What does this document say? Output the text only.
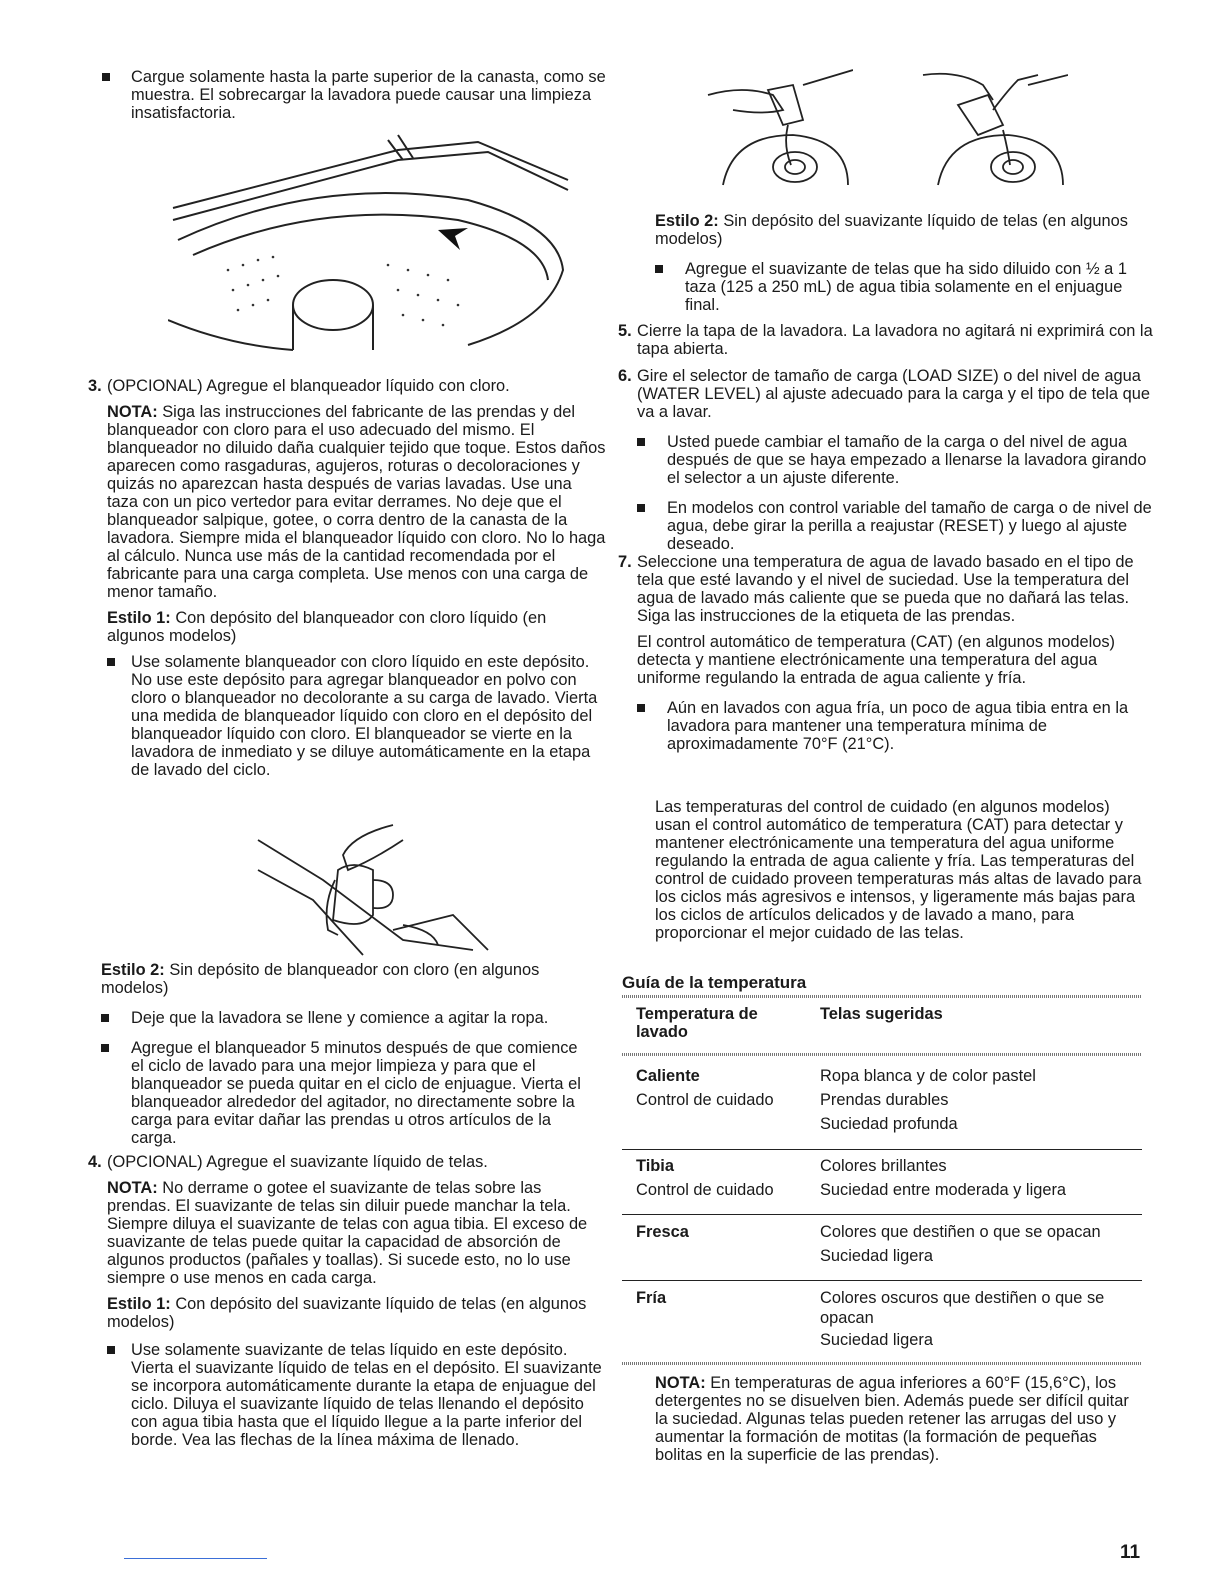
Cargue solamente hasta la parte superior de la canasta, como se muestra. El sobrecargar la lavadora puede causar una limpieza insatisfactoria.
3. (OPCIONAL) Agregue el blanqueador líquido con cloro.

NOTA: Siga las instrucciones del fabricante de las prendas y del blanqueador con cloro para el uso adecuado del mismo. El blanqueador no diluido daña cualquier tejido que toque. Estos daños aparecen como rasgaduras, agujeros, roturas o decoloraciones y quizás no aparezcan hasta después de varias lavadas. Use una taza con un pico vertedor para evitar derrames. No deje que el blanqueador salpique, gotee, o corra dentro de la canasta de la lavadora. Siempre mida el blanqueador líquido con cloro. No lo haga al cálculo. Nunca use más de la cantidad recomendada por el fabricante para una carga completa. Use menos con una carga de menor tamaño.

Estilo 1: Con depósito del blanqueador con cloro líquido (en algunos modelos)

Use solamente blanqueador con cloro líquido en este depósito. No use este depósito para agregar blanqueador en polvo con cloro o blanqueador no decolorante a su carga de lavado. Vierta una medida de blanqueador líquido con cloro en el depósito del blanqueador líquido con cloro. El blanqueador se vierte en la lavadora de inmediato y se diluye automáticamente en la etapa de lavado del ciclo.

Estilo 2: Sin depósito de blanqueador con cloro (en algunos modelos)

Deje que la lavadora se llene y comience a agitar la ropa.
Agregue el blanqueador 5 minutos después de que comience el ciclo de lavado para una mejor limpieza y para que el blanqueador se pueda quitar en el ciclo de enjuague. Vierta el blanqueador alrededor del agitador, no directamente sobre la carga para evitar dañar las prendas u otros artículos de la carga.
4. (OPCIONAL) Agregue el suavizante líquido de telas.

NOTA: No derrame o gotee el suavizante de telas sobre las prendas. El suavizante de telas sin diluir puede manchar la tela. Siempre diluya el suavizante de telas con agua tibia. El exceso de suavizante de telas puede quitar la capacidad de absorción de algunos productos (pañales y toallas). Si sucede esto, no lo use siempre o use menos en cada carga.

Estilo 1: Con depósito del suavizante líquido de telas (en algunos modelos)

Use solamente suavizante de telas líquido en este depósito. Vierta el suavizante líquido de telas en el depósito. El suavizante se incorpora automáticamente durante la etapa de enjuague del ciclo. Diluya el suavizante líquido de telas llenando el depósito con agua tibia hasta que el líquido llegue a la parte inferior del borde. Vea las flechas de la línea máxima de llenado.

Estilo 2: Sin depósito del suavizante líquido de telas (en algunos modelos)

Agregue el suavizante de telas que ha sido diluido con ½ a 1 taza (125 a 250 mL) de agua tibia solamente en el enjuague final.
5. Cierre la tapa de la lavadora. La lavadora no agitará ni exprimirá con la tapa abierta.

6. Gire el selector de tamaño de carga (LOAD SIZE) o del nivel de agua (WATER LEVEL) al ajuste adecuado para la carga y el tipo de tela que va a lavar.

Usted puede cambiar el tamaño de la carga o del nivel de agua después de que se haya empezado a llenarse la lavadora girando el selector a un ajuste diferente.
En modelos con control variable del tamaño de carga o de nivel de agua, debe girar la perilla a reajustar (RESET) y luego al ajuste deseado.
7. Seleccione una temperatura de agua de lavado basado en el tipo de tela que esté lavando y el nivel de suciedad. Use la temperatura del agua de lavado más caliente que se pueda que no dañará las telas. Siga las instrucciones de la etiqueta de las prendas.

El control automático de temperatura (CAT) (en algunos modelos) detecta y mantiene electrónicamente una temperatura del agua uniforme regulando la entrada de agua caliente y fría.

Aún en lavados con agua fría, un poco de agua tibia entra en la lavadora para mantener una temperatura mínima de aproximadamente 70°F (21°C).

Las temperaturas del control de cuidado (en algunos modelos) usan el control automático de temperatura (CAT) para detectar y mantener electrónicamente una temperatura del agua uniforme regulando la entrada de agua caliente y fría. Las temperaturas del control de cuidado proveen temperaturas más altas de lavado para los ciclos más agresivos e intensos, y ligeramente más bajas para los ciclos de artículos delicados y de lavado a mano, para proporcionar el mejor cuidado de las telas.

Guía de la temperatura
Temperatura de lavado
Telas sugeridas
Caliente
Control de cuidado
Ropa blanca y de color pastel
Prendas durables
Suciedad profunda
Tibia
Control de cuidado
Colores brillantes
Suciedad entre moderada y ligera
Fresca	Colores que destiñen o que se opacan
Suciedad ligera
Fría	Colores oscuros que destiñen o que se opacan
Suciedad ligera

NOTA: En temperaturas de agua inferiores a 60°F (15,6°C), los detergentes no se disuelven bien. Además puede ser difícil quitar la suciedad. Algunas telas pueden retener las arrugas del uso y aumentar la formación de motitas (la formación de pequeñas bolitas en la superficie de las prendas).

11
